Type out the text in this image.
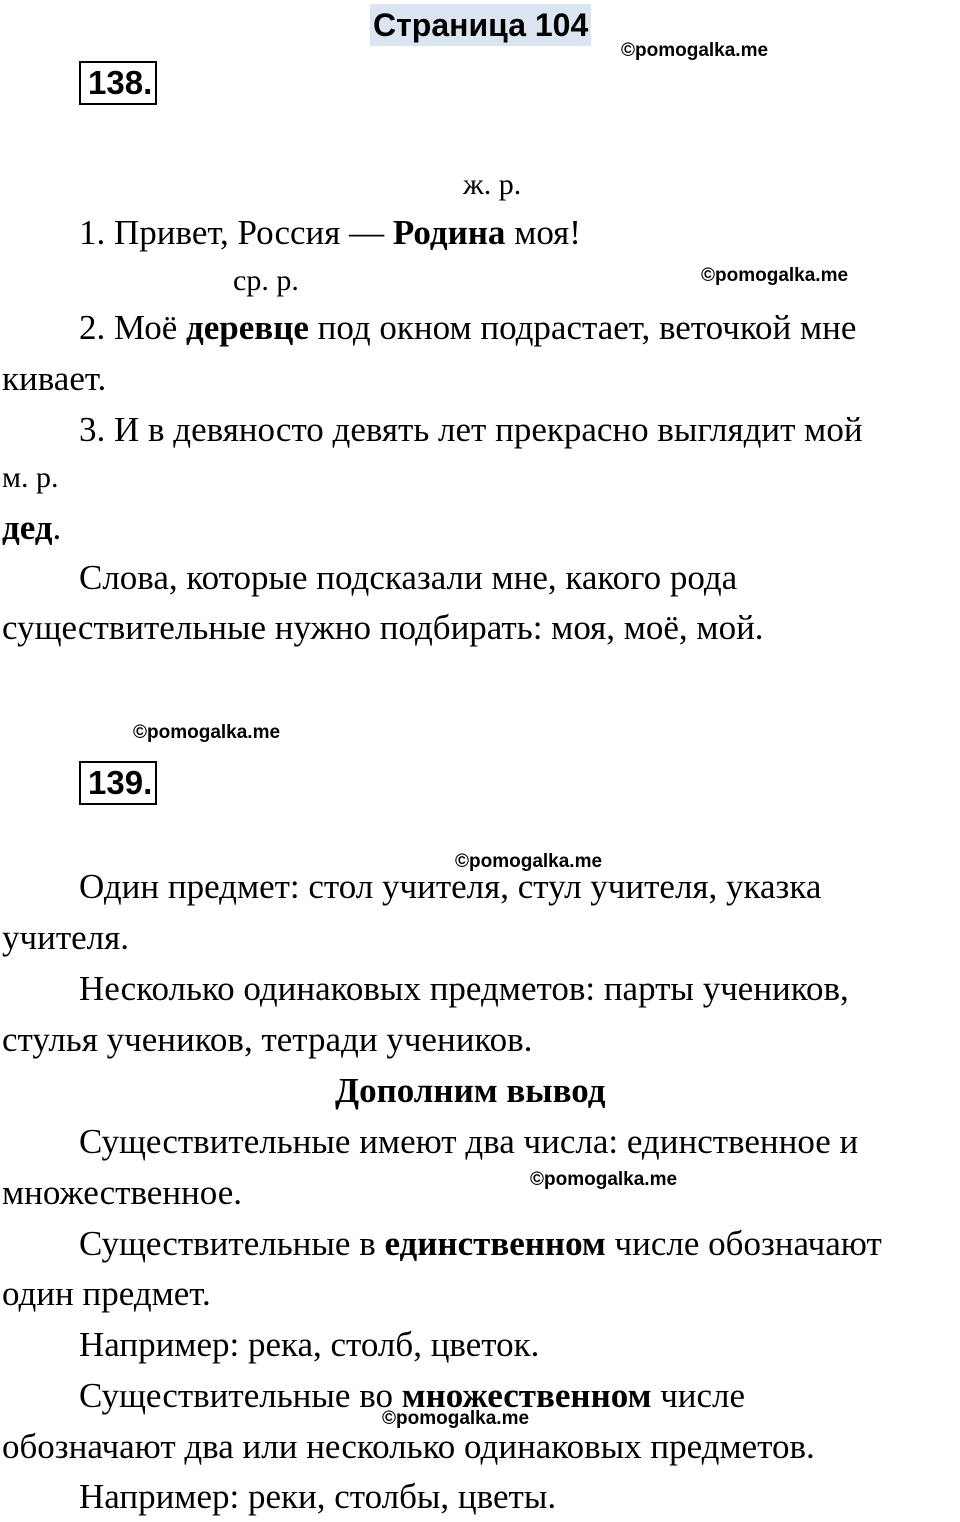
Страница 104
©pomogalka.me
138.
ж. р.
1. Привет, Россия — Родина моя!
ср. р.	©pomogalka.me
2. Моё деревце под окном подрастает, веточкой мне
кивает.
3. И в девяносто девять лет прекрасно выглядит мой
м. р.
дед.
Слова, которые подсказали мне, какого рода
существительные нужно подбирать: моя, моё, мой.
©pomogalka.me
139.
©pomogalka.me
Один предмет: стол учителя, стул учителя, указка
учителя.
Несколько одинаковых предметов: парты учеников,
стулья учеников, тетради учеников.
Дополним вывод
Существительные имеют два числа: единственное и
множественное.	©pomogalka.me
Существительные в единственном числе обозначают
один предмет.
Например: река, столб, цветок.
Существительные во множественном числе
©pomogalka.me
обозначают два или несколько одинаковых предметов.
Например: реки, столбы, цветы.
